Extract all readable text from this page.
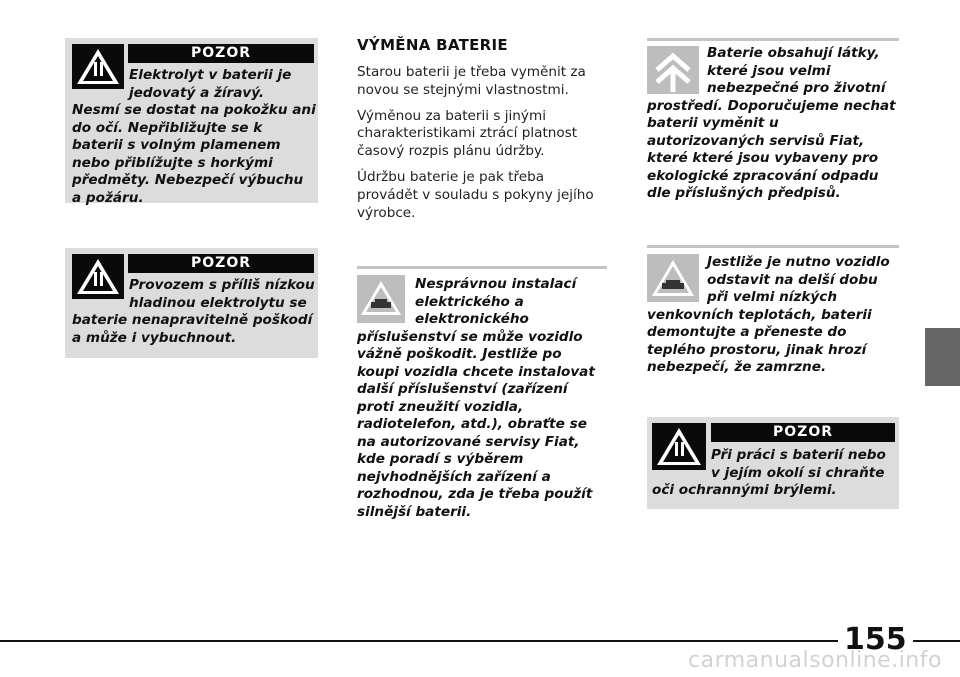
POZOR
Elektrolyt v baterii je jedovatý a žíravý.
Nesmí se dostat na pokožku ani do očí. Nepřibližujte se k baterii s volným plamenem nebo přiblížujte s horkými předměty. Nebezpečí výbuchu a požáru.
POZOR
Provozem s příliš nízkou hladinou elektrolytu se
baterie nenapravitelně poškodí a může i vybuchnout.
VÝMĚNA BATERIE

Starou baterii je třeba vyměnit za novou se stejnými vlastnostmi.

Výměnou za baterii s jinými charakteristikami ztrácí platnost časový rozpis plánu údržby.

Údržbu baterie je pak třeba provádět v souladu s pokyny jejího výrobce.

Nesprávnou instalací elektrického a elektronického
příslušenství se může vozidlo vážně poškodit. Jestliže po koupi vozidla chcete instalovat další příslušenství (zařízení proti zneužití vozidla, radiotelefon, atd.), obraťte se na autorizované servisy Fiat, kde poradí s výběrem nejvhodnějších zařízení a rozhodnou, zda je třeba použít silnější baterii.
Baterie obsahují látky, které jsou velmi nebezpečné pro životní
prostředí. Doporučujeme nechat baterii vyměnit u autorizovaných servisů Fiat, které které jsou vybaveny pro ekologické zpracování odpadu dle příslušných předpisů.
Jestliže je nutno vozidlo odstavit na delší dobu při velmi nízkých
venkovních teplotách, baterii demontujte a přeneste do teplého prostoru, jinak hrozí nebezpečí, že zamrzne.
POZOR
Při práci s baterií nebo v jejím okolí si chraňte
oči ochrannými brýlemi.
155
carmanualsonline.info
